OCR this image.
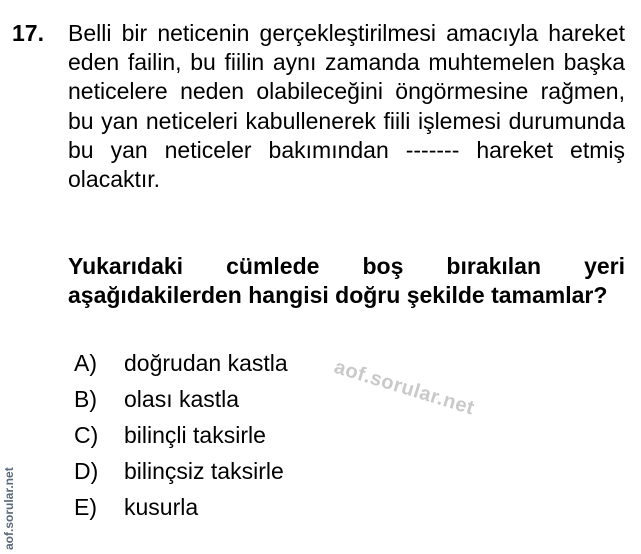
17. Belli bir neticenin gerçekleştirilmesi amacıyla hareket eden failin, bu fiilin aynı zamanda muhtemelen başka neticelere neden olabileceğini öngörmesine rağmen, bu yan neticeleri kabullenerek fiili işlemesi durumunda bu yan neticeler bakımından ------- hareket etmiş olacaktır.
Yukarıdaki cümlede boş bırakılan yeri aşağıdakilerden hangisi doğru şekilde tamamlar?
A)	doğrudan kastla
B)	olası kastla
C)	bilinçli taksirle
D)	bilinçsiz taksirle
E)	kusurla
aof.sorular.net
aof.sorular.net
